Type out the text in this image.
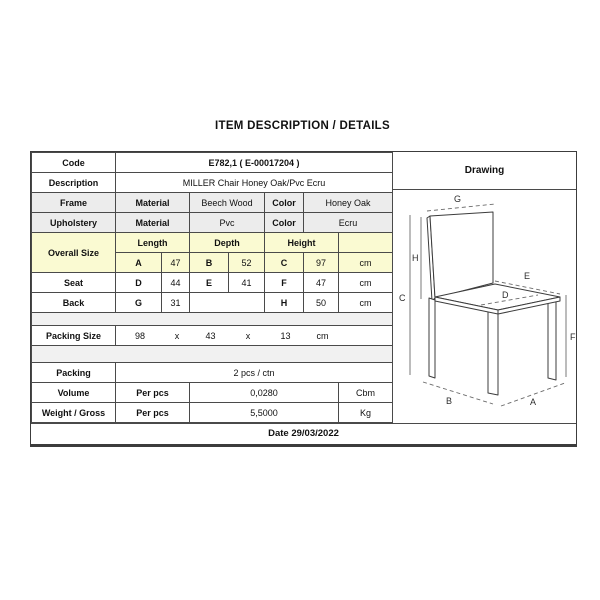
ITEM DESCRIPTION / DETAILS
Code	E782,1 ( E-00017204 )						
Description	MILLER Chair Honey Oak/Pvc Ecru						
Frame	Material		Beech Wood		Color	Honey Oak	
Upholstery	Material		Pvc		Color	Ecru	
Overall Size	Length		Depth		Height		
	A	47	B	52	C	97	cm
Seat	D	44	E	41	F	47	cm
Back	G	31			H	50	cm

Packing Size	98	x	43	x	13	cm

Packing	2 pcs / ctn						
Volume	Per pcs		0,0280				Cbm
Weight / Gross	Per pcs		5,5000				Kg
Drawing
G
H
C
E
D
F
B	A
Date 29/03/2022
